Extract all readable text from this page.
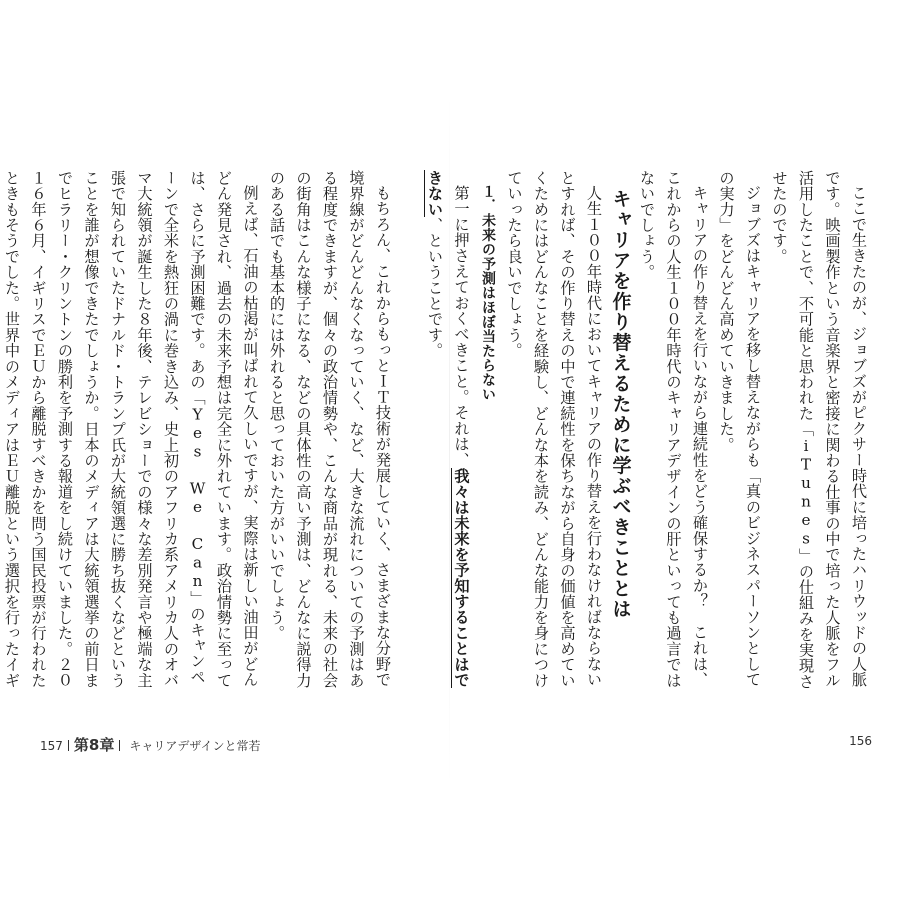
もちろん、これからもっとＩＴ技術が発展していく、さまざまな分野で境界線がどんどんなくなっていく、など、大きな流れについての予測はある程度できますが、個々の政治情勢や、こんな商品が現れる、未来の社会の街角はこんな様子になる、などの具体性の高い予測は、どんなに説得力のある話でも基本的には外れると思っておいた方がいいでしょう。

例えば、石油の枯渇が叫ばれて久しいですが、実際は新しい油田がどんどん発見され、過去の未来予想は完全に外れています。政治情勢に至っては、さらに予測困難です。あの「Yes We Can」のキャンペーンで全米を熱狂の渦に巻き込み、史上初のアフリカ系アメリカ人のオバマ大統領が誕生した８年後、テレビショーでの様々な差別発言や極端な主張で知られていたドナルド・トランプ氏が大統領選に勝ち抜くなどということを誰が想像できたでしょうか。日本のメディアは大統領選挙の前日までヒラリー・クリントンの勝利を予測する報道をし続けていました。２０１６年６月、イギリスでＥＵから離脱すべきかを問う国民投票が行われたときもそうでした。世界中のメディアはＥＵ離脱という選択を行ったイギ

157 第8章 キャリアデザインと常若

ここで生きたのが、ジョブズがピクサー時代に培ったハリウッドの人脈です。映画製作という音楽界と密接に関わる仕事の中で培った人脈をフル活用したことで、不可能と思われた「iTunes」の仕組みを実現させたのです。

ジョブズはキャリアを移し替えながらも「真のビジネスパーソンとしての実力」をどんどん高めていきました。

キャリアの作り替えを行いながら連続性をどう確保するか？　これは、これからの人生１００年時代のキャリアデザインの肝といっても過言ではないでしょう。

キャリアを作り替えるために学ぶべきこととは

人生１００年時代においてキャリアの作り替えを行わなければならないとすれば、その作り替えの中で連続性を保ちながら自身の価値を高めていくためにはどんなことを経験し、どんな本を読み、どんな能力を身につけていったら良いでしょう。

１．未来の予測はほぼ当たらない

第一に押さえておくべきこと。それは、我々は未来を予知することはできない、ということです。

156
